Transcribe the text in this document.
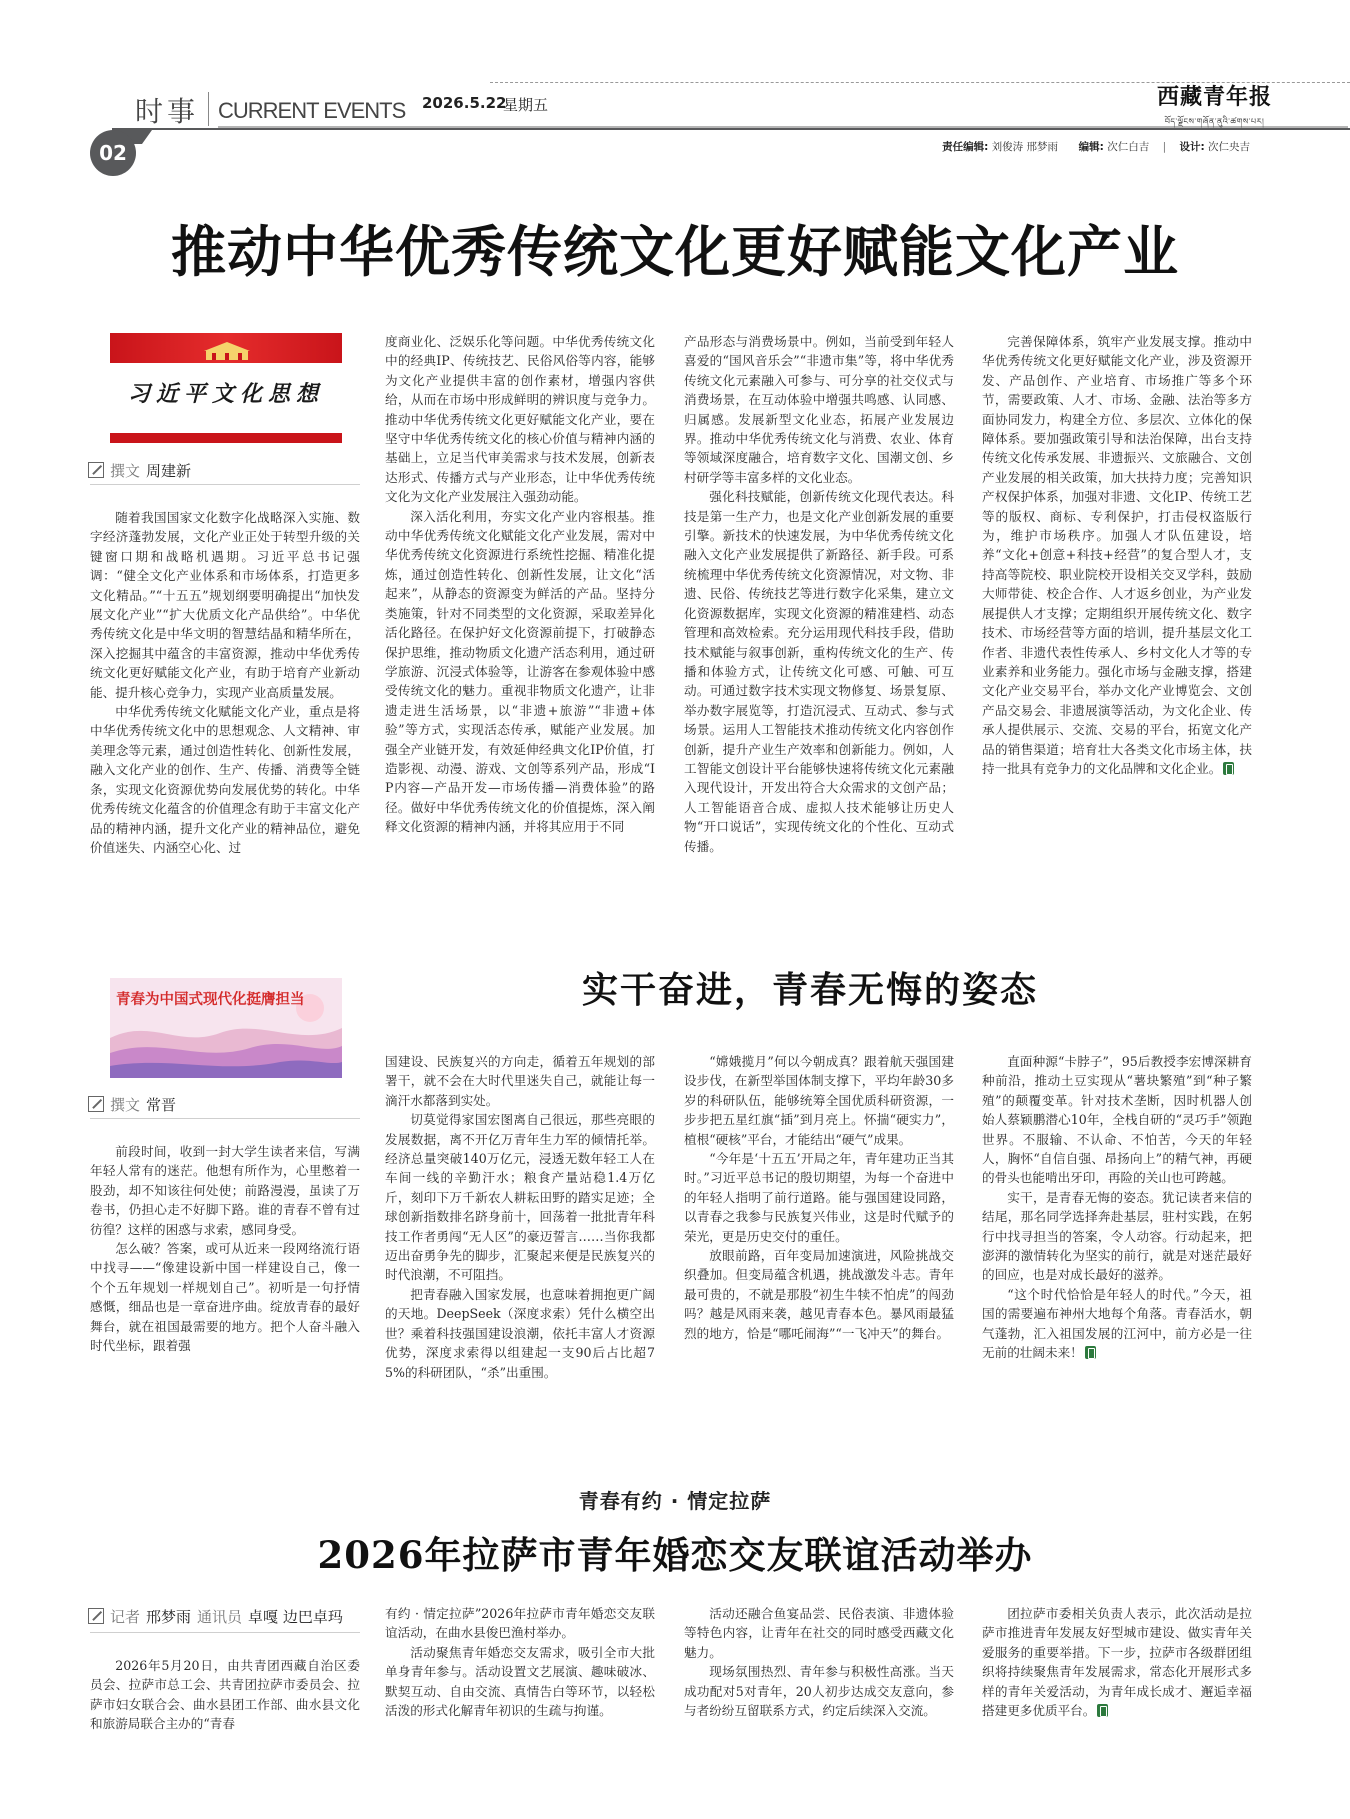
时事 CURRENT EVENTS 2026.5.22
星期五	西藏青年报
བོད་ལྗོངས་གཞོན་ནུའི་ཚགས་པར།
02	责任编辑: 刘俊涛 邢梦雨 编辑: 次仁白吉 | 设计: 次仁央吉
推动中华优秀传统文化更好赋能文化产业
习近平文化思想
撰文 周建新

随着我国国家文化数字化战略深入实施、数字经济蓬勃发展，文化产业正处于转型升级的关键窗口期和战略机遇期。习近平总书记强调：“健全文化产业体系和市场体系，打造更多文化精品。”“十五五”规划纲要明确提出“加快发展文化产业”“扩大优质文化产品供给”。中华优秀传统文化是中华文明的智慧结晶和精华所在，深入挖掘其中蕴含的丰富资源，推动中华优秀传统文化更好赋能文化产业，有助于培育产业新动能、提升核心竞争力，实现产业高质量发展。

中华优秀传统文化赋能文化产业，重点是将中华优秀传统文化中的思想观念、人文精神、审美理念等元素，通过创造性转化、创新性发展，融入文化产业的创作、生产、传播、消费等全链条，实现文化资源优势向发展优势的转化。中华优秀传统文化蕴含的价值理念有助于丰富文化产品的精神内涵，提升文化产业的精神品位，避免价值迷失、内涵空心化、过

度商业化、泛娱乐化等问题。中华优秀传统文化中的经典IP、传统技艺、民俗风俗等内容，能够为文化产业提供丰富的创作素材，增强内容供给，从而在市场中形成鲜明的辨识度与竞争力。推动中华优秀传统文化更好赋能文化产业，要在坚守中华优秀传统文化的核心价值与精神内涵的基础上，立足当代审美需求与技术发展，创新表达形式、传播方式与产业形态，让中华优秀传统文化为文化产业发展注入强劲动能。

深入活化利用，夯实文化产业内容根基。推动中华优秀传统文化赋能文化产业发展，需对中华优秀传统文化资源进行系统性挖掘、精准化提炼，通过创造性转化、创新性发展，让文化“活起来”，从静态的资源变为鲜活的产品。坚持分类施策，针对不同类型的文化资源，采取差异化活化路径。在保护好文化资源前提下，打破静态保护思维，推动物质文化遗产活态利用，通过研学旅游、沉浸式体验等，让游客在参观体验中感受传统文化的魅力。重视非物质文化遗产，让非遗走进生活场景，以“非遗+旅游”“非遗+体验”等方式，实现活态传承，赋能产业发展。加强全产业链开发，有效延伸经典文化IP价值，打造影视、动漫、游戏、文创等系列产品，形成“IP内容—产品开发—市场传播—消费体验”的路径。做好中华优秀传统文化的价值提炼，深入阐释文化资源的精神内涵，并将其应用于不同

产品形态与消费场景中。例如，当前受到年轻人喜爱的“国风音乐会”“非遗市集”等，将中华优秀传统文化元素融入可参与、可分享的社交仪式与消费场景，在互动体验中增强共鸣感、认同感、归属感。发展新型文化业态，拓展产业发展边界。推动中华优秀传统文化与消费、农业、体育等领域深度融合，培育数字文化、国潮文创、乡村研学等丰富多样的文化业态。

强化科技赋能，创新传统文化现代表达。科技是第一生产力，也是文化产业创新发展的重要引擎。新技术的快速发展，为中华优秀传统文化融入文化产业发展提供了新路径、新手段。可系统梳理中华优秀传统文化资源情况，对文物、非遗、民俗、传统技艺等进行数字化采集，建立文化资源数据库，实现文化资源的精准建档、动态管理和高效检索。充分运用现代科技手段，借助技术赋能与叙事创新，重构传统文化的生产、传播和体验方式，让传统文化可感、可触、可互动。可通过数字技术实现文物修复、场景复原、举办数字展览等，打造沉浸式、互动式、参与式场景。运用人工智能技术推动传统文化内容创作创新，提升产业生产效率和创新能力。例如，人工智能文创设计平台能够快速将传统文化元素融入现代设计，开发出符合大众需求的文创产品；人工智能语音合成、虚拟人技术能够让历史人物“开口说话”，实现传统文化的个性化、互动式传播。

完善保障体系，筑牢产业发展支撑。推动中华优秀传统文化更好赋能文化产业，涉及资源开发、产品创作、产业培育、市场推广等多个环节，需要政策、人才、市场、金融、法治等多方面协同发力，构建全方位、多层次、立体化的保障体系。要加强政策引导和法治保障，出台支持传统文化传承发展、非遗振兴、文旅融合、文创产业发展的相关政策，加大扶持力度；完善知识产权保护体系，加强对非遗、文化IP、传统工艺等的版权、商标、专利保护，打击侵权盗版行为，维护市场秩序。加强人才队伍建设，培养“文化+创意+科技+经营”的复合型人才，支持高等院校、职业院校开设相关交叉学科，鼓励大师带徒、校企合作、人才返乡创业，为产业发展提供人才支撑；定期组织开展传统文化、数字技术、市场经营等方面的培训，提升基层文化工作者、非遗代表性传承人、乡村文化人才等的专业素养和业务能力。强化市场与金融支撑，搭建文化产业交易平台，举办文化产业博览会、文创产品交易会、非遗展演等活动，为文化企业、传承人提供展示、交流、交易的平台，拓宽文化产品的销售渠道；培育壮大各类文化市场主体，扶持一批具有竞争力的文化品牌和文化企业。

实干奋进，青春无悔的姿态
青春为中国式现代化挺膺担当
撰文 常晋

前段时间，收到一封大学生读者来信，写满年轻人常有的迷茫。他想有所作为，心里憋着一股劲，却不知该往何处使；前路漫漫，虽读了万卷书，仍担心走不好脚下路。谁的青春不曾有过彷徨？这样的困惑与求索，感同身受。

怎么破？答案，或可从近来一段网络流行语中找寻——“像建设新中国一样建设自己，像一个个五年规划一样规划自己”。初听是一句抒情感慨，细品也是一章奋进序曲。绽放青春的最好舞台，就在祖国最需要的地方。把个人奋斗融入时代坐标，跟着强

国建设、民族复兴的方向走，循着五年规划的部署干，就不会在大时代里迷失自己，就能让每一滴汗水都落到实处。

切莫觉得家国宏图离自己很远，那些亮眼的发展数据，离不开亿万青年生力军的倾情托举。经济总量突破140万亿元，浸透无数年轻工人在车间一线的辛勤汗水；粮食产量站稳1.4万亿斤，刻印下万千新农人耕耘田野的踏实足迹；全球创新指数排名跻身前十，回荡着一批批青年科技工作者勇闯“无人区”的豪迈誓言……当你我都迈出奋勇争先的脚步，汇聚起来便是民族复兴的时代浪潮，不可阻挡。

把青春融入国家发展，也意味着拥抱更广阔的天地。DeepSeek（深度求索）凭什么横空出世？乘着科技强国建设浪潮，依托丰富人才资源优势，深度求索得以组建起一支90后占比超75%的科研团队，“杀”出重围。

“嫦娥揽月”何以今朝成真？跟着航天强国建设步伐，在新型举国体制支撑下，平均年龄30多岁的科研队伍，能够统筹全国优质科研资源，一步步把五星红旗“插”到月亮上。怀揣“硬实力”，植根“硬核”平台，才能结出“硬气”成果。

“今年是‘十五五’开局之年，青年建功正当其时。”习近平总书记的殷切期望，为每一个奋进中的年轻人指明了前行道路。能与强国建设同路，以青春之我参与民族复兴伟业，这是时代赋予的荣光，更是历史交付的重任。

放眼前路，百年变局加速演进，风险挑战交织叠加。但变局蕴含机遇，挑战激发斗志。青年最可贵的，不就是那股“初生牛犊不怕虎”的闯劲吗？越是风雨来袭，越见青春本色。暴风雨最猛烈的地方，恰是“哪吒闹海”“一飞冲天”的舞台。

直面种源“卡脖子”，95后教授李宏博深耕育种前沿，推动土豆实现从“薯块繁殖”到“种子繁殖”的颠覆变革。针对技术垄断，因时机器人创始人蔡颖鹏潜心10年，全栈自研的“灵巧手”领跑世界。不服输、不认命、不怕苦，今天的年轻人，胸怀“自信自强、昂扬向上”的精气神，再硬的骨头也能啃出牙印，再险的关山也可跨越。

实干，是青春无悔的姿态。犹记读者来信的结尾，那名同学选择奔赴基层，驻村实践，在躬行中找寻担当的答案，令人动容。行动起来，把澎湃的激情转化为坚实的前行，就是对迷茫最好的回应，也是对成长最好的滋养。

“这个时代恰恰是年轻人的时代。”今天，祖国的需要遍布神州大地每个角落。青春活水，朝气蓬勃，汇入祖国发展的江河中，前方必是一往无前的壮阔未来！

青春有约 · 情定拉萨
2026年拉萨市青年婚恋交友联谊活动举办
记者 邢梦雨 通讯员 卓嘎 边巴卓玛

2026年5月20日，由共青团西藏自治区委员会、拉萨市总工会、共青团拉萨市委员会、拉萨市妇女联合会、曲水县团工作部、曲水县文化和旅游局联合主办的“青春

有约 · 情定拉萨”2026年拉萨市青年婚恋交友联谊活动，在曲水县俊巴渔村举办。

活动聚焦青年婚恋交友需求，吸引全市大批单身青年参与。活动设置文艺展演、趣味破冰、默契互动、自由交流、真情告白等环节，以轻松活泼的形式化解青年初识的生疏与拘谨。

活动还融合鱼宴品尝、民俗表演、非遗体验等特色内容，让青年在社交的同时感受西藏文化魅力。

现场氛围热烈、青年参与积极性高涨。当天成功配对5对青年，20人初步达成交友意向，参与者纷纷互留联系方式，约定后续深入交流。

团拉萨市委相关负责人表示，此次活动是拉萨市推进青年发展友好型城市建设、做实青年关爱服务的重要举措。下一步，拉萨市各级群团组织将持续聚焦青年发展需求，常态化开展形式多样的青年关爱活动，为青年成长成才、邂逅幸福搭建更多优质平台。
